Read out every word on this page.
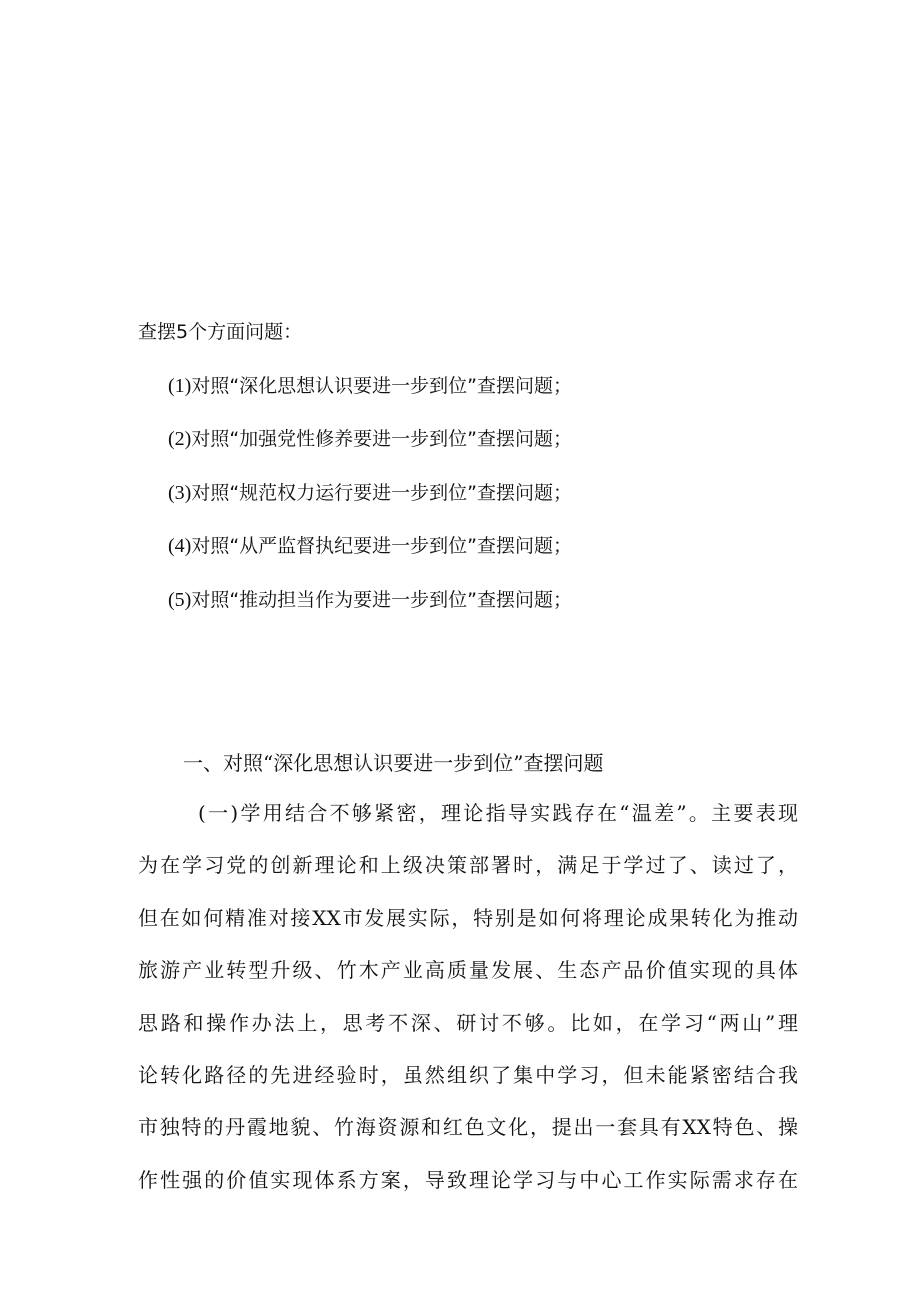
查摆5个方面问题：
(1)对照“深化思想认识要进一步到位”查摆问题；
(2)对照“加强党性修养要进一步到位”查摆问题；
(3)对照“规范权力运行要进一步到位”查摆问题；
(4)对照“从严监督执纪要进一步到位”查摆问题；
(5)对照“推动担当作为要进一步到位”查摆问题；
一、对照“深化思想认识要进一步到位”查摆问题
(一)学用结合不够紧密，理论指导实践存在“温差”。主要表现
为在学习党的创新理论和上级决策部署时，满足于学过了、读过了，
但在如何精准对接XX市发展实际，特别是如何将理论成果转化为推动
旅游产业转型升级、竹木产业高质量发展、生态产品价值实现的具体
思路和操作办法上，思考不深、研讨不够。比如，在学习“两山”理
论转化路径的先进经验时，虽然组织了集中学习，但未能紧密结合我
市独特的丹霞地貌、竹海资源和红色文化，提出一套具有XX特色、操
作性强的价值实现体系方案，导致理论学习与中心工作实际需求存在
